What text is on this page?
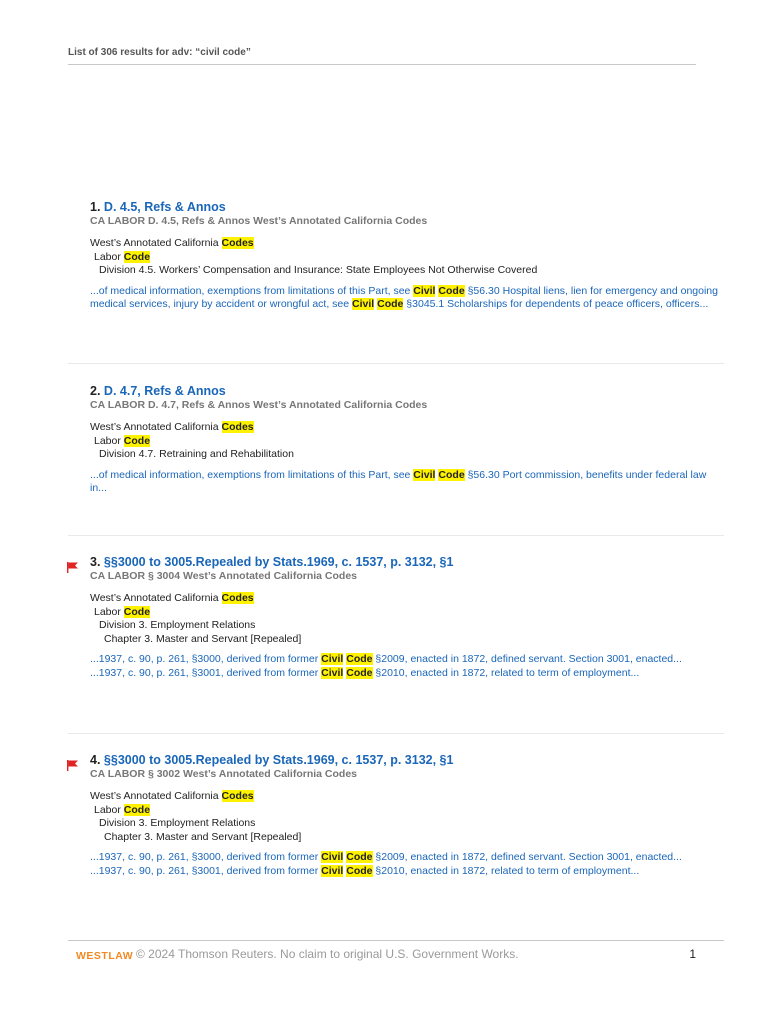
List of 306 results for adv: “civil code”
1. D. 4.5, Refs & Annos
CA LABOR D. 4.5, Refs & Annos West’s Annotated California Codes
West’s Annotated California Codes
Labor Code
Division 4.5. Workers’ Compensation and Insurance: State Employees Not Otherwise Covered
...of medical information, exemptions from limitations of this Part, see Civil Code §56.30 Hospital liens, lien for emergency and ongoing medical services, injury by accident or wrongful act, see Civil Code §3045.1 Scholarships for dependents of peace officers, officers...
2. D. 4.7, Refs & Annos
CA LABOR D. 4.7, Refs & Annos West’s Annotated California Codes
West’s Annotated California Codes
Labor Code
Division 4.7. Retraining and Rehabilitation
...of medical information, exemptions from limitations of this Part, see Civil Code §56.30 Port commission, benefits under federal law in...
3. §§3000 to 3005.Repealed by Stats.1969, c. 1537, p. 3132, §1
CA LABOR § 3004 West’s Annotated California Codes
West’s Annotated California Codes
Labor Code
Division 3. Employment Relations
Chapter 3. Master and Servant [Repealed]
...1937, c. 90, p. 261, §3000, derived from former Civil Code §2009, enacted in 1872, defined servant. Section 3001, enacted...
...1937, c. 90, p. 261, §3001, derived from former Civil Code §2010, enacted in 1872, related to term of employment...
4. §§3000 to 3005.Repealed by Stats.1969, c. 1537, p. 3132, §1
CA LABOR § 3002 West’s Annotated California Codes
West’s Annotated California Codes
Labor Code
Division 3. Employment Relations
Chapter 3. Master and Servant [Repealed]
...1937, c. 90, p. 261, §3000, derived from former Civil Code §2009, enacted in 1872, defined servant. Section 3001, enacted...
...1937, c. 90, p. 261, §3001, derived from former Civil Code §2010, enacted in 1872, related to term of employment...
WESTLAW © 2024 Thomson Reuters. No claim to original U.S. Government Works.	1
